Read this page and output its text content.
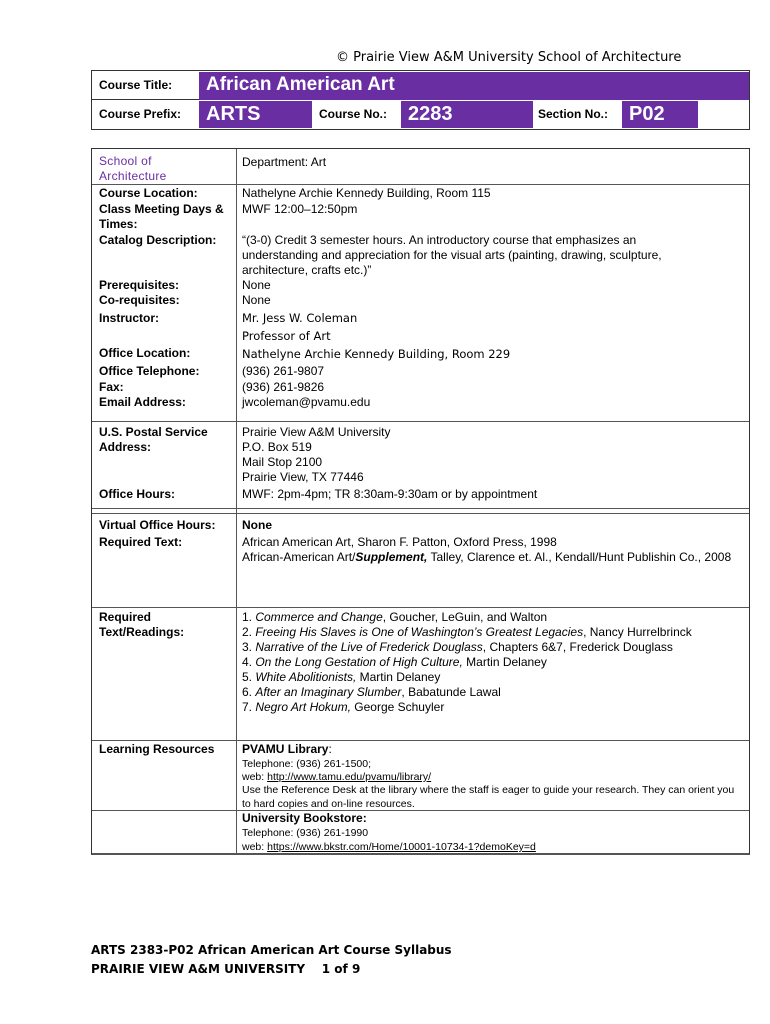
© Prairie View A&M University School of Architecture
Course Title:	African American Art
Course Prefix:	ARTS	Course No.:	2283	Section No.:	P02
School of Architecture
Department: Art
Course Location:	Nathelyne Archie Kennedy Building, Room 115
Class Meeting Days & Times:
MWF 12:00–12:50pm
Catalog Description:	“(3-0) Credit 3 semester hours. An introductory course that emphasizes an understanding and appreciation for the visual arts (painting, drawing, sculpture, architecture, crafts etc.)”
Prerequisites:	None
Co-requisites:	None
Instructor:	Mr. Jess W. Coleman
Professor of Art
Office Location:	Nathelyne Archie Kennedy Building, Room 229
Office Telephone:	(936) 261-9807
Fax:	(936) 261-9826
Email Address:	jwcoleman@pvamu.edu
U.S. Postal Service Address:
Prairie View A&M University
P.O. Box 519
Mail Stop 2100
Prairie View, TX 77446
Office Hours:	MWF: 2pm-4pm; TR 8:30am-9:30am or by appointment
Virtual Office Hours:	None
Required Text:	African American Art, Sharon F. Patton, Oxford Press, 1998
African-American Art/Supplement, Talley, Clarence et. Al., Kendall/Hunt Publishin Co., 2008
Required Text/Readings:
1. Commerce and Change, Goucher, LeGuin, and Walton
2. Freeing His Slaves is One of Washington’s Greatest Legacies, Nancy Hurrelbrinck
3. Narrative of the Live of Frederick Douglass, Chapters 6&7, Frederick Douglass
4. On the Long Gestation of High Culture, Martin Delaney
5. White Abolitionists, Martin Delaney
6. After an Imaginary Slumber, Babatunde Lawal
7. Negro Art Hokum, George Schuyler
Learning Resources	PVAMU Library:
Telephone: (936) 261-1500;
web: http://www.tamu.edu/pvamu/library/
Use the Reference Desk at the library where the staff is eager to guide your research. They can orient you to hard copies and on-line resources.
University Bookstore:
Telephone: (936) 261-1990
web: https://www.bkstr.com/Home/10001-10734-1?demoKey=d
ARTS 2383-P02 African American Art Course Syllabus
PRAIRIE VIEW A&M UNIVERSITY    1 of 9
